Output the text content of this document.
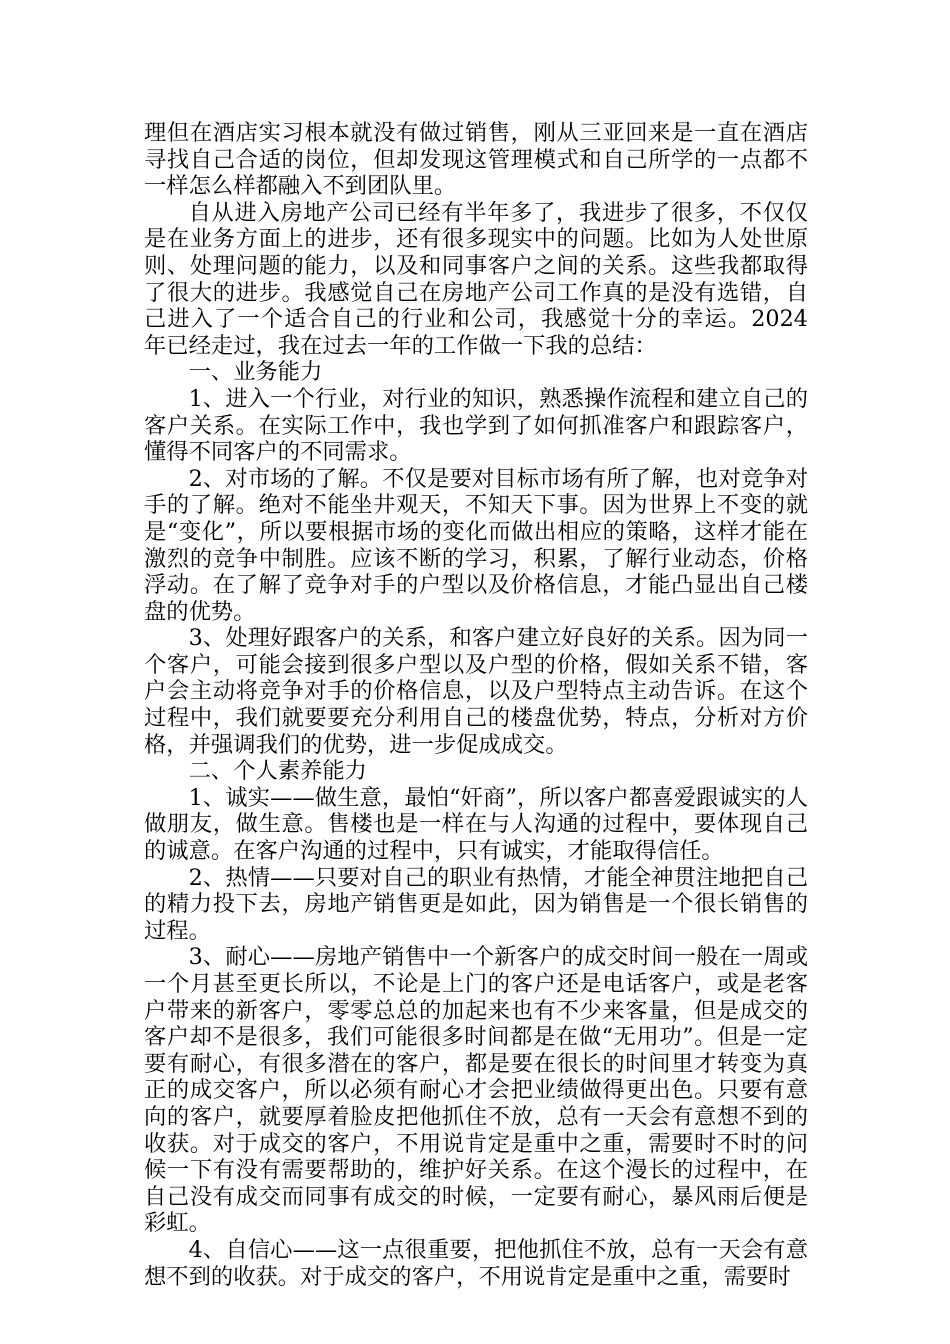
理但在酒店实习根本就没有做过销售，刚从三亚回来是一直在酒店寻找自己合适的岗位，但却发现这管理模式和自己所学的一点都不一样怎么样都融入不到团队里。

自从进入房地产公司已经有半年多了，我进步了很多，不仅仅是在业务方面上的进步，还有很多现实中的问题。比如为人处世原则、处理问题的能力，以及和同事客户之间的关系。这些我都取得了很大的进步。我感觉自己在房地产公司工作真的是没有选错，自己进入了一个适合自己的行业和公司，我感觉十分的幸运。2024 年已经走过，我在过去一年的工作做一下我的总结：

一、业务能力

1、进入一个行业，对行业的知识，熟悉操作流程和建立自己的客户关系。在实际工作中，我也学到了如何抓准客户和跟踪客户，懂得不同客户的不同需求。

2、对市场的了解。不仅是要对目标市场有所了解，也对竞争对手的了解。绝对不能坐井观天，不知天下事。因为世界上不变的就是“变化”，所以要根据市场的变化而做出相应的策略，这样才能在激烈的竞争中制胜。应该不断的学习，积累，了解行业动态，价格浮动。在了解了竞争对手的户型以及价格信息，才能凸显出自己楼盘的优势。

3、处理好跟客户的关系，和客户建立好良好的关系。因为同一个客户，可能会接到很多户型以及户型的价格，假如关系不错，客户会主动将竞争对手的价格信息，以及户型特点主动告诉。在这个过程中，我们就要要充分利用自己的楼盘优势，特点，分析对方价格，并强调我们的优势，进一步促成成交。

二、个人素养能力

1、诚实——做生意，最怕“奸商”，所以客户都喜爱跟诚实的人做朋友，做生意。售楼也是一样在与人沟通的过程中，要体现自己的诚意。在客户沟通的过程中，只有诚实，才能取得信任。

2、热情——只要对自己的职业有热情，才能全神贯注地把自己的精力投下去，房地产销售更是如此，因为销售是一个很长销售的过程。

3、耐心——房地产销售中一个新客户的成交时间一般在一周或一个月甚至更长所以，不论是上门的客户还是电话客户，或是老客户带来的新客户，零零总总的加起来也有不少来客量，但是成交的客户却不是很多，我们可能很多时间都是在做“无用功”。但是一定要有耐心，有很多潜在的客户，都是要在很长的时间里才转变为真正的成交客户，所以必须有耐心才会把业绩做得更出色。只要有意向的客户，就要厚着脸皮把他抓住不放，总有一天会有意想不到的收获。对于成交的客户，不用说肯定是重中之重，需要时不时的问候一下有没有需要帮助的，维护好关系。在这个漫长的过程中，在自己没有成交而同事有成交的时候，一定要有耐心，暴风雨后便是彩虹。

4、自信心——这一点很重要，把他抓住不放，总有一天会有意想不到的收获。对于成交的客户，不用说肯定是重中之重，需要时
